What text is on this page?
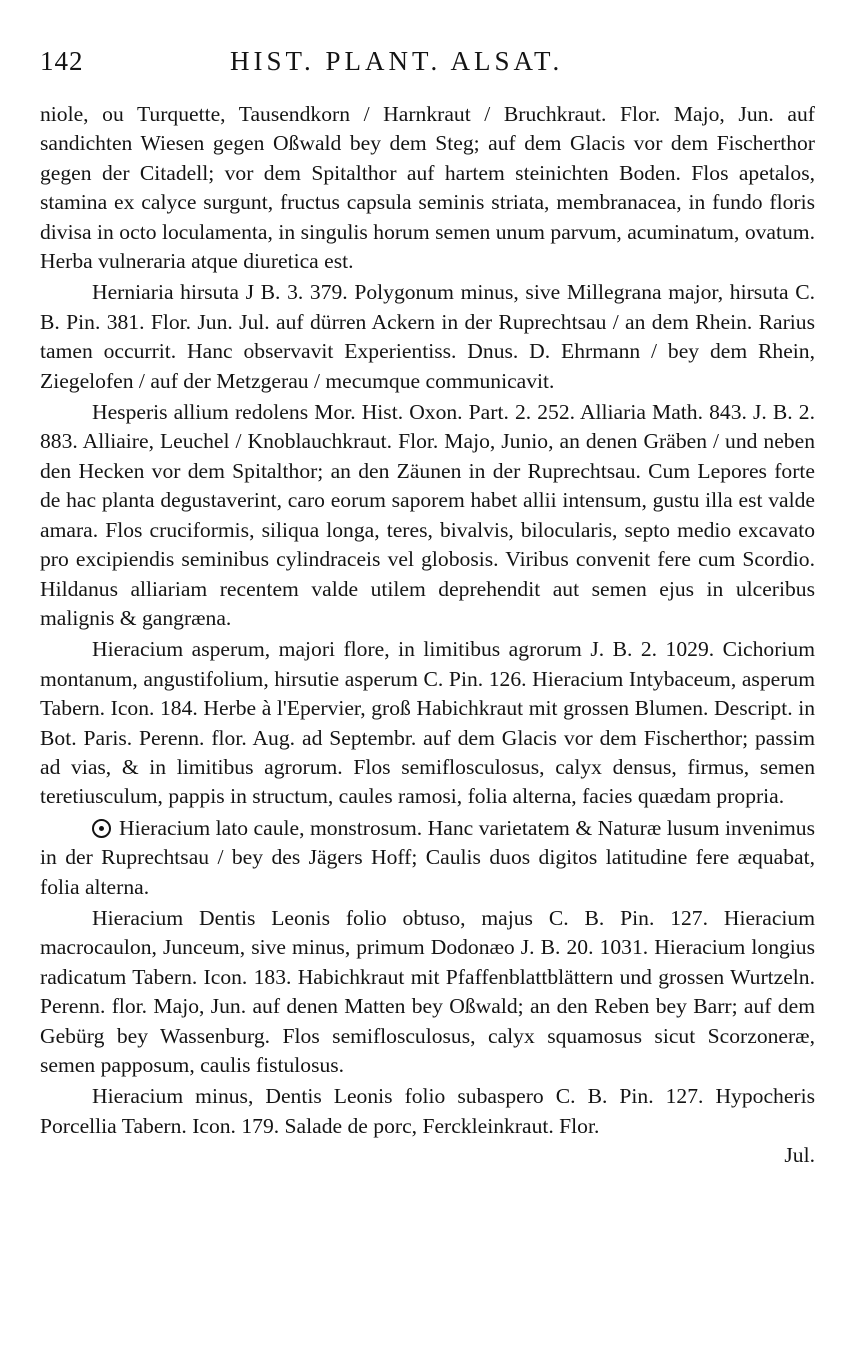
142	HIST. PLANT. ALSAT.

niole, ou Turquette, Tausendkorn / Harnkraut / Bruchkraut. Flor. Majo, Jun. auf sandichten Wiesen gegen Oßwald bey dem Steg; auf dem Glacis vor dem Fischerthor gegen der Citadell; vor dem Spitalthor auf hartem steinichten Boden. Flos apetalos, stamina ex calyce surgunt, fructus capsula seminis striata, membranacea, in fundo floris divisa in octo loculamenta, in singulis horum semen unum parvum, acuminatum, ovatum. Herba vulneraria atque diuretica est.

Herniaria hirsuta J B. 3. 379. Polygonum minus, sive Millegrana major, hirsuta C. B. Pin. 381. Flor. Jun. Jul. auf dürren Ackern in der Ruprechtsau / an dem Rhein. Rarius tamen occurrit. Hanc observavit Experientiss. Dnus. D. Ehrmann / bey dem Rhein, Ziegelofen / auf der Metzgerau / mecumque communicavit.

Hesperis allium redolens Mor. Hist. Oxon. Part. 2. 252. Alliaria Math. 843. J. B. 2. 883. Alliaire, Leuchel / Knoblauchkraut. Flor. Majo, Junio, an denen Gräben / und neben den Hecken vor dem Spitalthor; an den Zäunen in der Ruprechtsau. Cum Lepores forte de hac planta degustaverint, caro eorum saporem habet allii intensum, gustu illa est valde amara. Flos cruciformis, siliqua longa, teres, bivalvis, bilocularis, septo medio excavato pro excipiendis seminibus cylindraceis vel globosis. Viribus convenit fere cum Scordio. Hildanus alliariam recentem valde utilem deprehendit aut semen ejus in ulceribus malignis & gangræna.

Hieracium asperum, majori flore, in limitibus agrorum J. B. 2. 1029. Cichorium montanum, angustifolium, hirsutie asperum C. Pin. 126. Hieracium Intybaceum, asperum Tabern. Icon. 184. Herbe à l'Epervier, groß Habichkraut mit grossen Blumen. Descript. in Bot. Paris. Perenn. flor. Aug. ad Septembr. auf dem Glacis vor dem Fischerthor; passim ad vias, & in limitibus agrorum. Flos semiflosculosus, calyx densus, firmus, semen teretiusculum, pappis in structum, caules ramosi, folia alterna, facies quædam propria.

Hieracium lato caule, monstrosum. Hanc varietatem & Naturæ lusum invenimus in der Ruprechtsau / bey des Jägers Hoff; Caulis duos digitos latitudine fere æquabat, folia alterna.

Hieracium Dentis Leonis folio obtuso, majus C. B. Pin. 127. Hieracium macrocaulon, Junceum, sive minus, primum Dodonæo J. B. 20. 1031. Hieracium longius radicatum Tabern. Icon. 183. Habichkraut mit Pfaffenblattblättern und grossen Wurtzeln. Perenn. flor. Majo, Jun. auf denen Matten bey Oßwald; an den Reben bey Barr; auf dem Gebürg bey Wassenburg. Flos semiflosculosus, calyx squamosus sicut Scorzoneræ, semen papposum, caulis fistulosus.

Hieracium minus, Dentis Leonis folio subaspero C. B. Pin. 127. Hypocheris Porcellia Tabern. Icon. 179. Salade de porc, Ferckleinkraut. Flor.

Jul.
